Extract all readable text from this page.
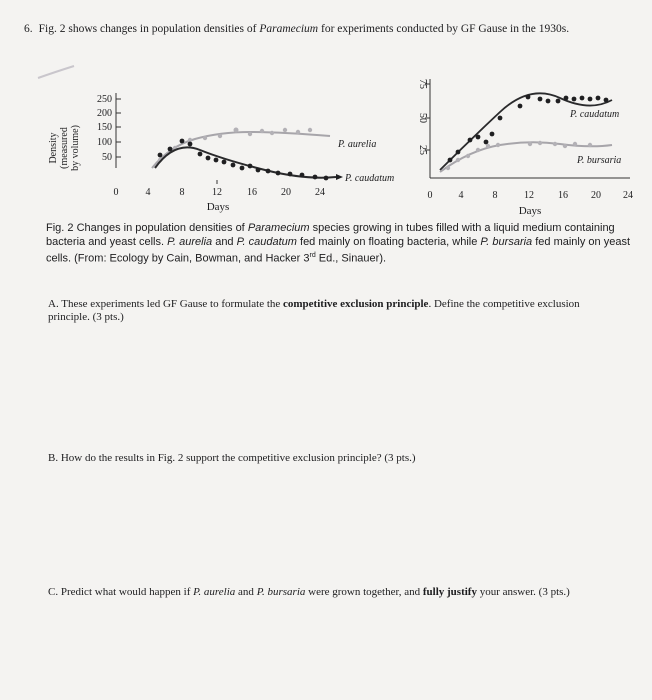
6. Fig. 2 shows changes in population densities of Paramecium for experiments conducted by GF Gause in the 1930s.
Density (measured by volume)
250
200
150
100
50
0	4	8	12	16 20 24
Days
P. aurelia
P. caudatum
75
50
25
0	4	8	12 16 20 24
Days
P. caudatum
P. bursaria
Fig. 2 Changes in population densities of Paramecium species growing in tubes filled with a liquid medium containing bacteria and yeast cells. P. aurelia and P. caudatum fed mainly on floating bacteria, while P. bursaria fed mainly on yeast cells. (From: Ecology by Cain, Bowman, and Hacker 3rd Ed., Sinauer).
A. These experiments led GF Gause to formulate the competitive exclusion principle. Define the competitive exclusion principle. (3 pts.)
B. How do the results in Fig. 2 support the competitive exclusion principle? (3 pts.)
C. Predict what would happen if P. aurelia and P. bursaria were grown together, and fully justify your answer. (3 pts.)
